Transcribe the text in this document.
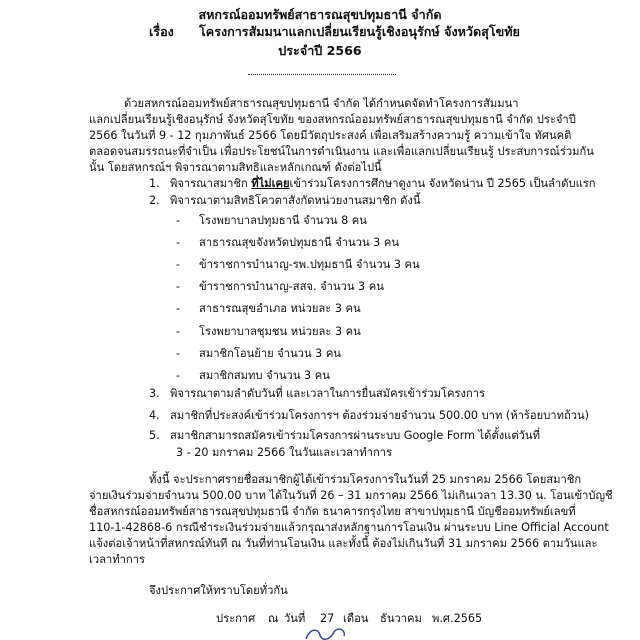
สหกรณ์ออมทรัพย์สาธารณสุขปทุมธานี จำกัด
เรื่อง โครงการสัมมนาแลกเปลี่ยนเรียนรู้เชิงอนุรักษ์ จังหวัดสุโขทัย
ประจำปี 2566
ด้วยสหกรณ์ออมทรัพย์สาธารณสุขปทุมธานี จำกัด ได้กำหนดจัดทำโครงการสัมมนา
แลกเปลี่ยนเรียนรู้เชิงอนุรักษ์ จังหวัดสุโขทัย ของสหกรณ์ออมทรัพย์สาธารณสุขปทุมธานี จำกัด ประจำปี
2566 ในวันที่ 9 - 12 กุมภาพันธ์ 2566 โดยมีวัตถุประสงค์ เพื่อเสริมสร้างความรู้ ความเข้าใจ ทัศนคติ
ตลอดจนสมรรถนะที่จำเป็น เพื่อประโยชน์ในการดำเนินงาน และเพื่อแลกเปลี่ยนเรียนรู้ ประสบการณ์ร่วมกัน
นั้น โดยสหกรณ์ฯ พิจารณาตามสิทธิและหลักเกณฑ์ ดังต่อไปนี้
1. พิจารณาสมาชิก ที่ไม่เคยเข้าร่วมโครงการศึกษาดูงาน จังหวัดน่าน ปี 2565 เป็นลำดับแรก
2. พิจารณาตามสิทธิโควตาสังกัดหน่วยงานสมาชิก ดังนี้
- โรงพยาบาลปทุมธานี จำนวน 8 คน
- สาธารณสุขจังหวัดปทุมธานี จำนวน 3 คน
- ข้าราชการบำนาญ-รพ.ปทุมธานี จำนวน 3 คน
- ข้าราชการบำนาญ-สสจ. จำนวน 3 คน
- สาธารณสุขอำเภอ หน่วยละ 3 คน
- โรงพยาบาลชุมชน หน่วยละ 3 คน
- สมาชิกโอนย้าย จำนวน 3 คน
- สมาชิกสมทบ จำนวน 3 คน
3. พิจารณาตามลำดับวันที่ และเวลาในการยื่นสมัครเข้าร่วมโครงการ
4. สมาชิกที่ประสงค์เข้าร่วมโครงการฯ ต้องร่วมจ่ายจำนวน 500.00 บาท (ห้าร้อยบาทถ้วน)
5. สมาชิกสามารถสมัครเข้าร่วมโครงการผ่านระบบ Google Form ได้ตั้งแต่วันที่
3 - 20 มกราคม 2566 ในวันและเวลาทำการ
ทั้งนี้ จะประกาศรายชื่อสมาชิกผู้ได้เข้าร่วมโครงการในวันที่ 25 มกราคม 2566 โดยสมาชิก
จ่ายเงินร่วมจ่ายจำนวน 500.00 บาท ได้ในวันที่ 26 – 31 มกราคม 2566 ไม่เกินเวลา 13.30 น. โอนเข้าบัญชี
ชื่อสหกรณ์ออมทรัพย์สาธารณสุขปทุมธานี จำกัด ธนาคารกรุงไทย สาขาปทุมธานี บัญชีออมทรัพย์เลขที่
110-1-42868-6 กรณีชำระเงินร่วมจ่ายแล้วกรุณาส่งหลักฐานการโอนเงิน ผ่านระบบ Line Official Account
แจ้งต่อเจ้าหน้าที่สหกรณ์ทันที ณ วันที่ท่านโอนเงิน และทั้งนี้ ต้องไม่เกินวันที่ 31 มกราคม 2566 ตามวันและ
เวลาทำการ
จึงประกาศให้ทราบโดยทั่วกัน
ประกาศ ณ วันที่ 27 เดือน ธันวาคม พ.ศ.2565
